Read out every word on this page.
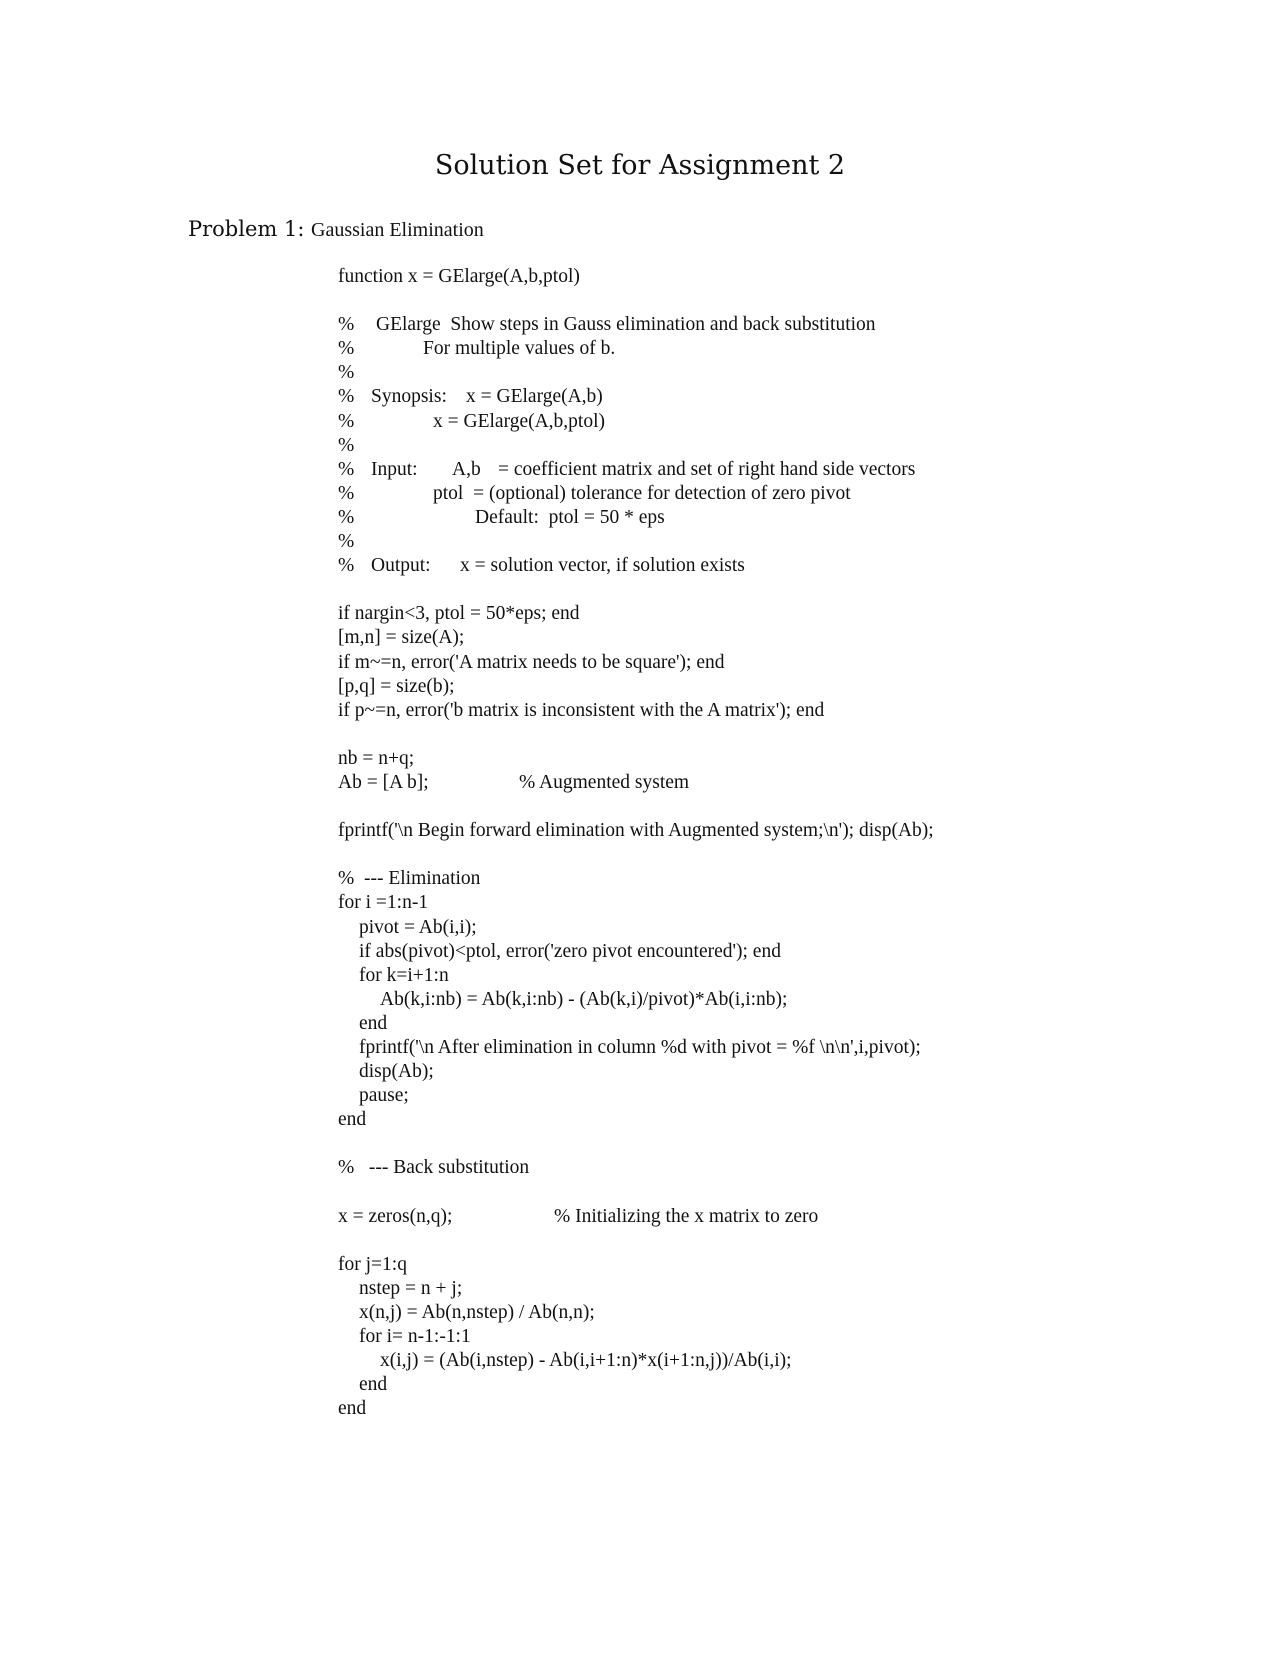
Solution Set for Assignment 2
Problem 1: Gaussian Elimination
function x = GElarge(A,b,ptol)
% GElarge  Show steps in Gauss elimination and back substitution
%	For multiple values of b.
%
% Synopsis: x = GElarge(A,b)
%	x = GElarge(A,b,ptol)
%
% Input: A,b = coefficient matrix and set of right hand side vectors
%	ptol  = (optional) tolerance for detection of zero pivot
%	Default:  ptol = 50 * eps
%
% Output: x = solution vector, if solution exists
if nargin<3, ptol = 50*eps; end
[m,n] = size(A);
if m~=n, error('A matrix needs to be square'); end
[p,q] = size(b);
if p~=n, error('b matrix is inconsistent with the A matrix'); end
nb = n+q;
Ab = [A b];	% Augmented system
fprintf('\n Begin forward elimination with Augmented system;\n'); disp(Ab);
%  --- Elimination
for i =1:n-1
pivot = Ab(i,i);
if abs(pivot)<ptol, error('zero pivot encountered'); end
for k=i+1:n
Ab(k,i:nb) = Ab(k,i:nb) - (Ab(k,i)/pivot)*Ab(i,i:nb);
end
fprintf('\n After elimination in column %d with pivot = %f \n\n',i,pivot);
disp(Ab);
pause;
end
%   --- Back substitution
x = zeros(n,q);	% Initializing the x matrix to zero
for j=1:q
nstep = n + j;
x(n,j) = Ab(n,nstep) / Ab(n,n);
for i= n-1:-1:1
x(i,j) = (Ab(i,nstep) - Ab(i,i+1:n)*x(i+1:n,j))/Ab(i,i);
end
end
